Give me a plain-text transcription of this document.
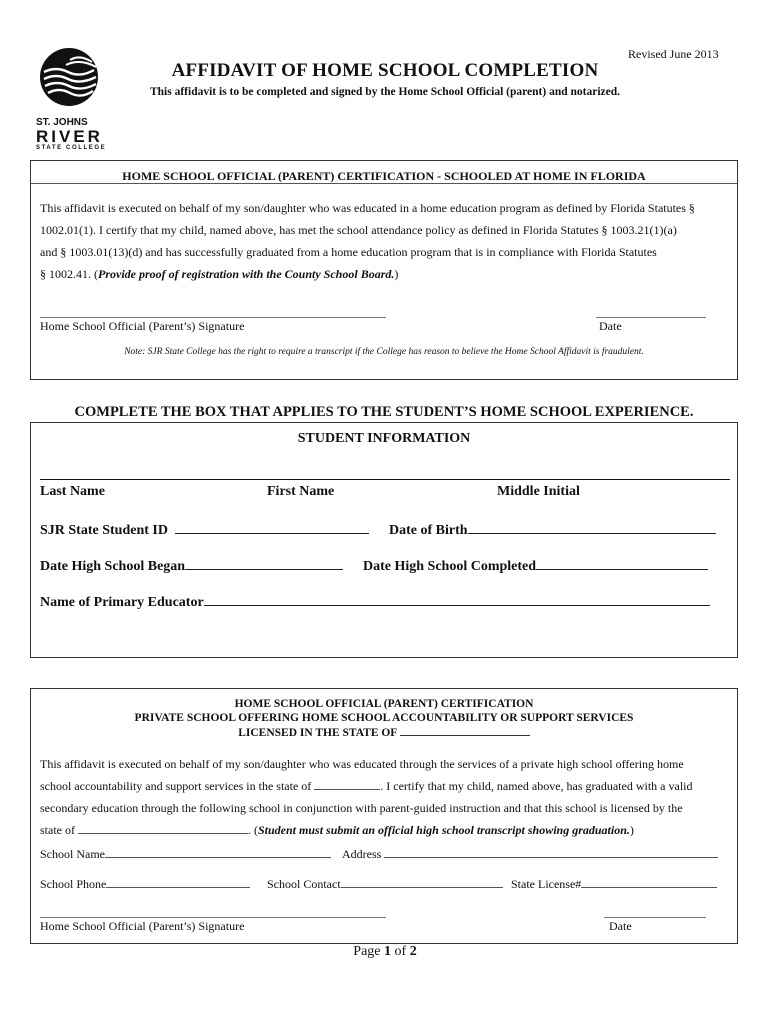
Revised June 2013
ST. JOHNS
RIVER
STATE COLLEGE
AFFIDAVIT OF HOME SCHOOL COMPLETION
This affidavit is to be completed and signed by the Home School Official (parent) and notarized.
HOME SCHOOL OFFICIAL (PARENT) CERTIFICATION - SCHOOLED AT HOME IN FLORIDA
This affidavit is executed on behalf of my son/daughter who was educated in a home education program as defined by Florida Statutes §
1002.01(1). I certify that my child, named above, has met the school attendance policy as defined in Florida Statutes § 1003.21(1)(a)
and § 1003.01(13)(d) and has successfully graduated from a home education program that is in compliance with Florida Statutes
§ 1002.41. (Provide proof of registration with the County School Board.)
Home School Official (Parent’s) Signature	Date
Note: SJR State College has the right to require a transcript if the College has reason to believe the Home School Affidavit is fraudulent.
COMPLETE THE BOX THAT APPLIES TO THE STUDENT’S HOME SCHOOL EXPERIENCE.
STUDENT INFORMATION
Last Name	First Name	Middle Initial
SJR State Student ID	Date of Birth
Date High School Began	Date High School Completed
Name of Primary Educator
HOME SCHOOL OFFICIAL (PARENT) CERTIFICATION
PRIVATE SCHOOL OFFERING HOME SCHOOL ACCOUNTABILITY OR SUPPORT SERVICES
LICENSED IN THE STATE OF
This affidavit is executed on behalf of my son/daughter who was educated through the services of a private high school offering home
school accountability and support services in the state of	. I certify that my child, named above, has graduated with a valid
secondary education through the following school in conjunction with parent-guided instruction and that this school is licensed by the
state of	. (Student must submit an official high school transcript showing graduation.)
School Name	Address
School Phone	School Contact	State License#
Home School Official (Parent’s) Signature	Date
Page 1 of 2
